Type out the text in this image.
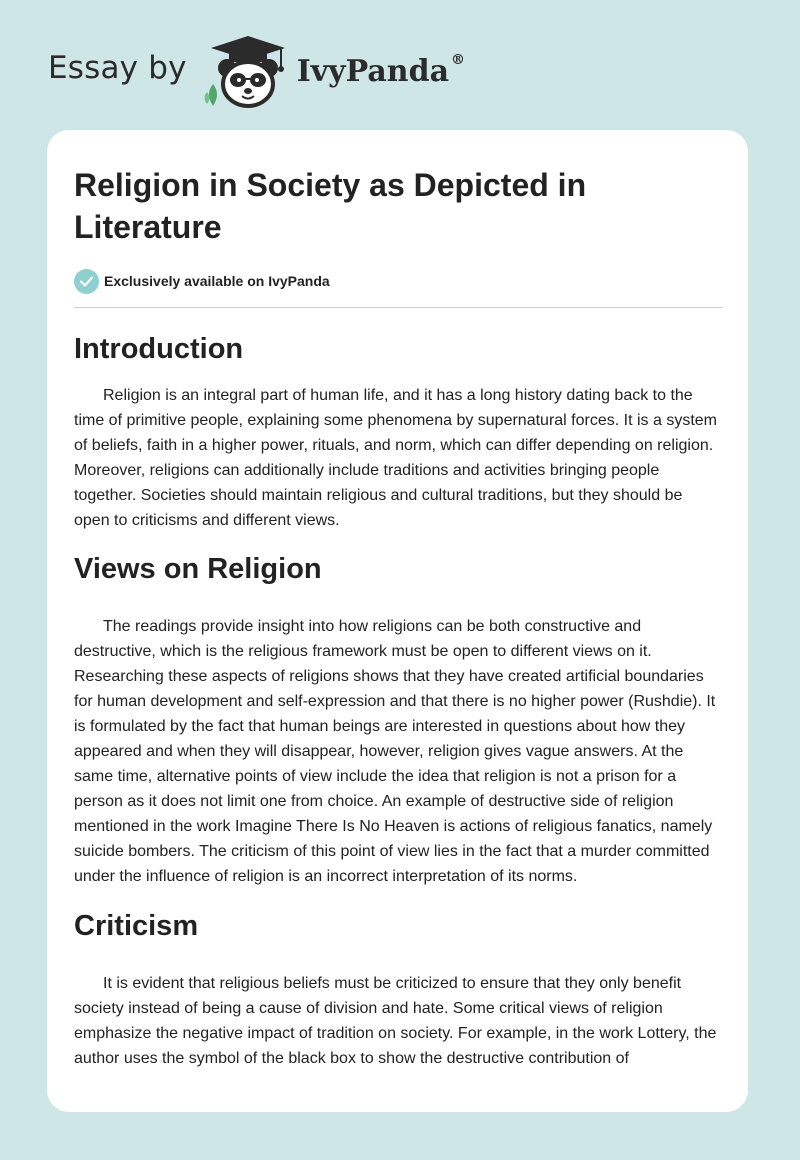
Essay by	IvyPanda®
Religion in Society as Depicted in Literature
Exclusively available on IvyPanda
Introduction

Religion is an integral part of human life, and it has a long history dating back to the time of primitive people, explaining some phenomena by supernatural forces. It is a system of beliefs, faith in a higher power, rituals, and norm, which can differ depending on religion. Moreover, religions can additionally include traditions and activities bringing people together. Societies should maintain religious and cultural traditions, but they should be open to criticisms and different views.

Views on Religion

The readings provide insight into how religions can be both constructive and destructive, which is the religious framework must be open to different views on it. Researching these aspects of religions shows that they have created artificial boundaries for human development and self-expression and that there is no higher power (Rushdie). It is formulated by the fact that human beings are interested in questions about how they appeared and when they will disappear, however, religion gives vague answers. At the same time, alternative points of view include the idea that religion is not a prison for a person as it does not limit one from choice. An example of destructive side of religion mentioned in the work Imagine There Is No Heaven is actions of religious fanatics, namely suicide bombers. The criticism of this point of view lies in the fact that a murder committed under the influence of religion is an incorrect interpretation of its norms.

Criticism

It is evident that religious beliefs must be criticized to ensure that they only benefit society instead of being a cause of division and hate. Some critical views of religion emphasize the negative impact of tradition on society. For example, in the work Lottery, the author uses the symbol of the black box to show the destructive contribution of
